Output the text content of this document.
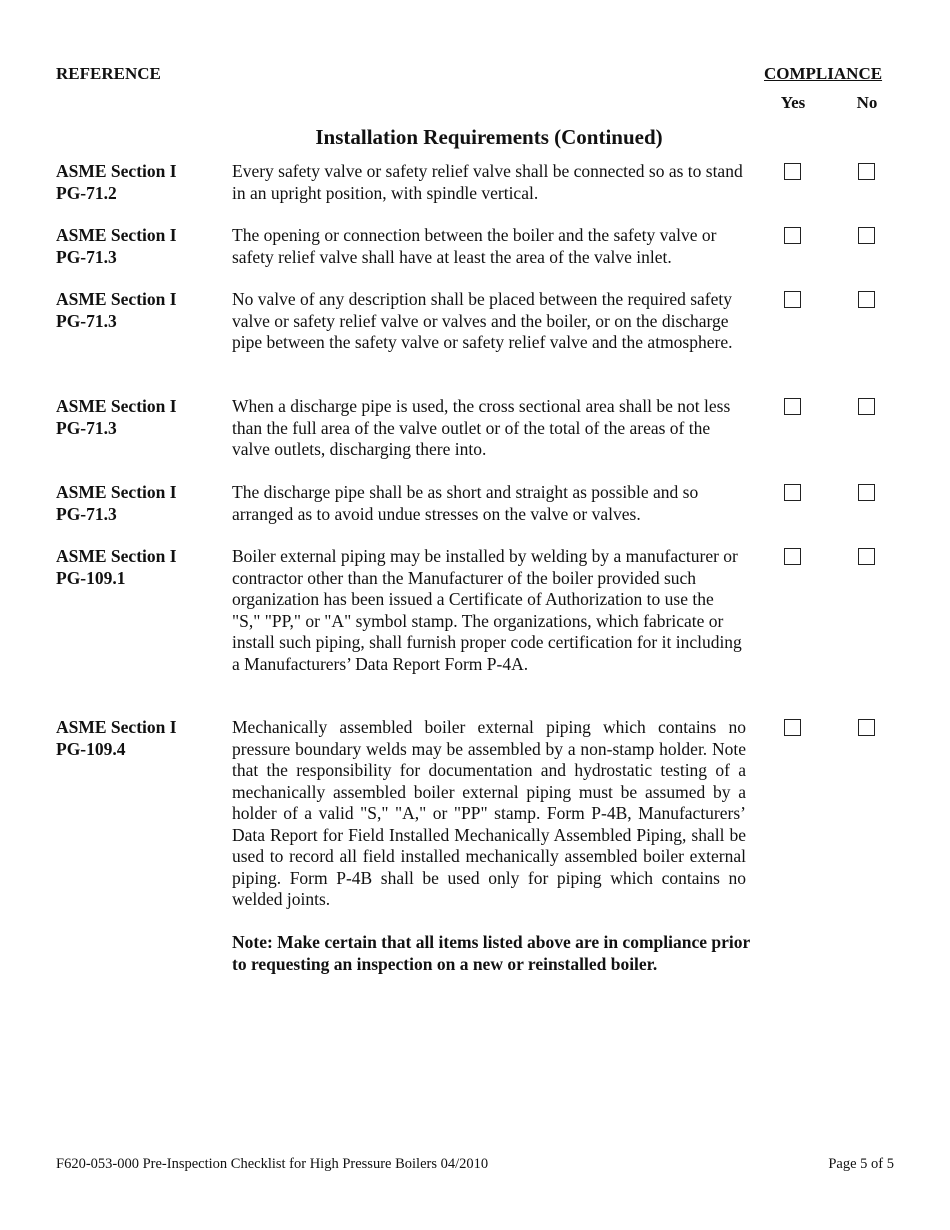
REFERENCE	COMPLIANCE
Yes	No
Installation Requirements (Continued)
ASME Section I
PG-71.2
Every safety valve or safety relief valve shall be connected so as to stand in an upright position, with spindle vertical.
ASME Section I
PG-71.3
The opening or connection between the boiler and the safety valve or safety relief valve shall have at least the area of the valve inlet.
ASME Section I
PG-71.3
No valve of any description shall be placed between the required safety valve or safety relief valve or valves and the boiler, or on the discharge pipe between the safety valve or safety relief valve and the atmosphere.
ASME Section I
PG-71.3
When a discharge pipe is used, the cross sectional area shall be not less than the full area of the valve outlet or of the total of the areas of the valve outlets, discharging there into.
ASME Section I
PG-71.3
The discharge pipe shall be as short and straight as possible and so arranged as to avoid undue stresses on the valve or valves.
ASME Section I
PG-109.1
Boiler external piping may be installed by welding by a manufacturer or contractor other than the Manufacturer of the boiler provided such organization has been issued a Certificate of Authorization to use the "S," "PP," or "A" symbol stamp. The organizations, which fabricate or install such piping, shall furnish proper code certification for it including a Manufacturers’ Data Report Form P-4A.
ASME Section I
PG-109.4
Mechanically assembled boiler external piping which contains no pressure boundary welds may be assembled by a non-stamp holder. Note that the responsibility for documentation and hydrostatic testing of a mechanically assembled boiler external piping must be assumed by a holder of a valid "S," "A," or "PP" stamp. Form P-4B, Manufacturers’ Data Report for Field Installed Mechanically Assembled Piping, shall be used to record all field installed mechanically assembled boiler external piping. Form P-4B shall be used only for piping which contains no welded joints.
Note: Make certain that all items listed above are in compliance prior to requesting an inspection on a new or reinstalled boiler.
F620-053-000 Pre-Inspection Checklist for High Pressure Boilers 04/2010	Page 5 of 5
